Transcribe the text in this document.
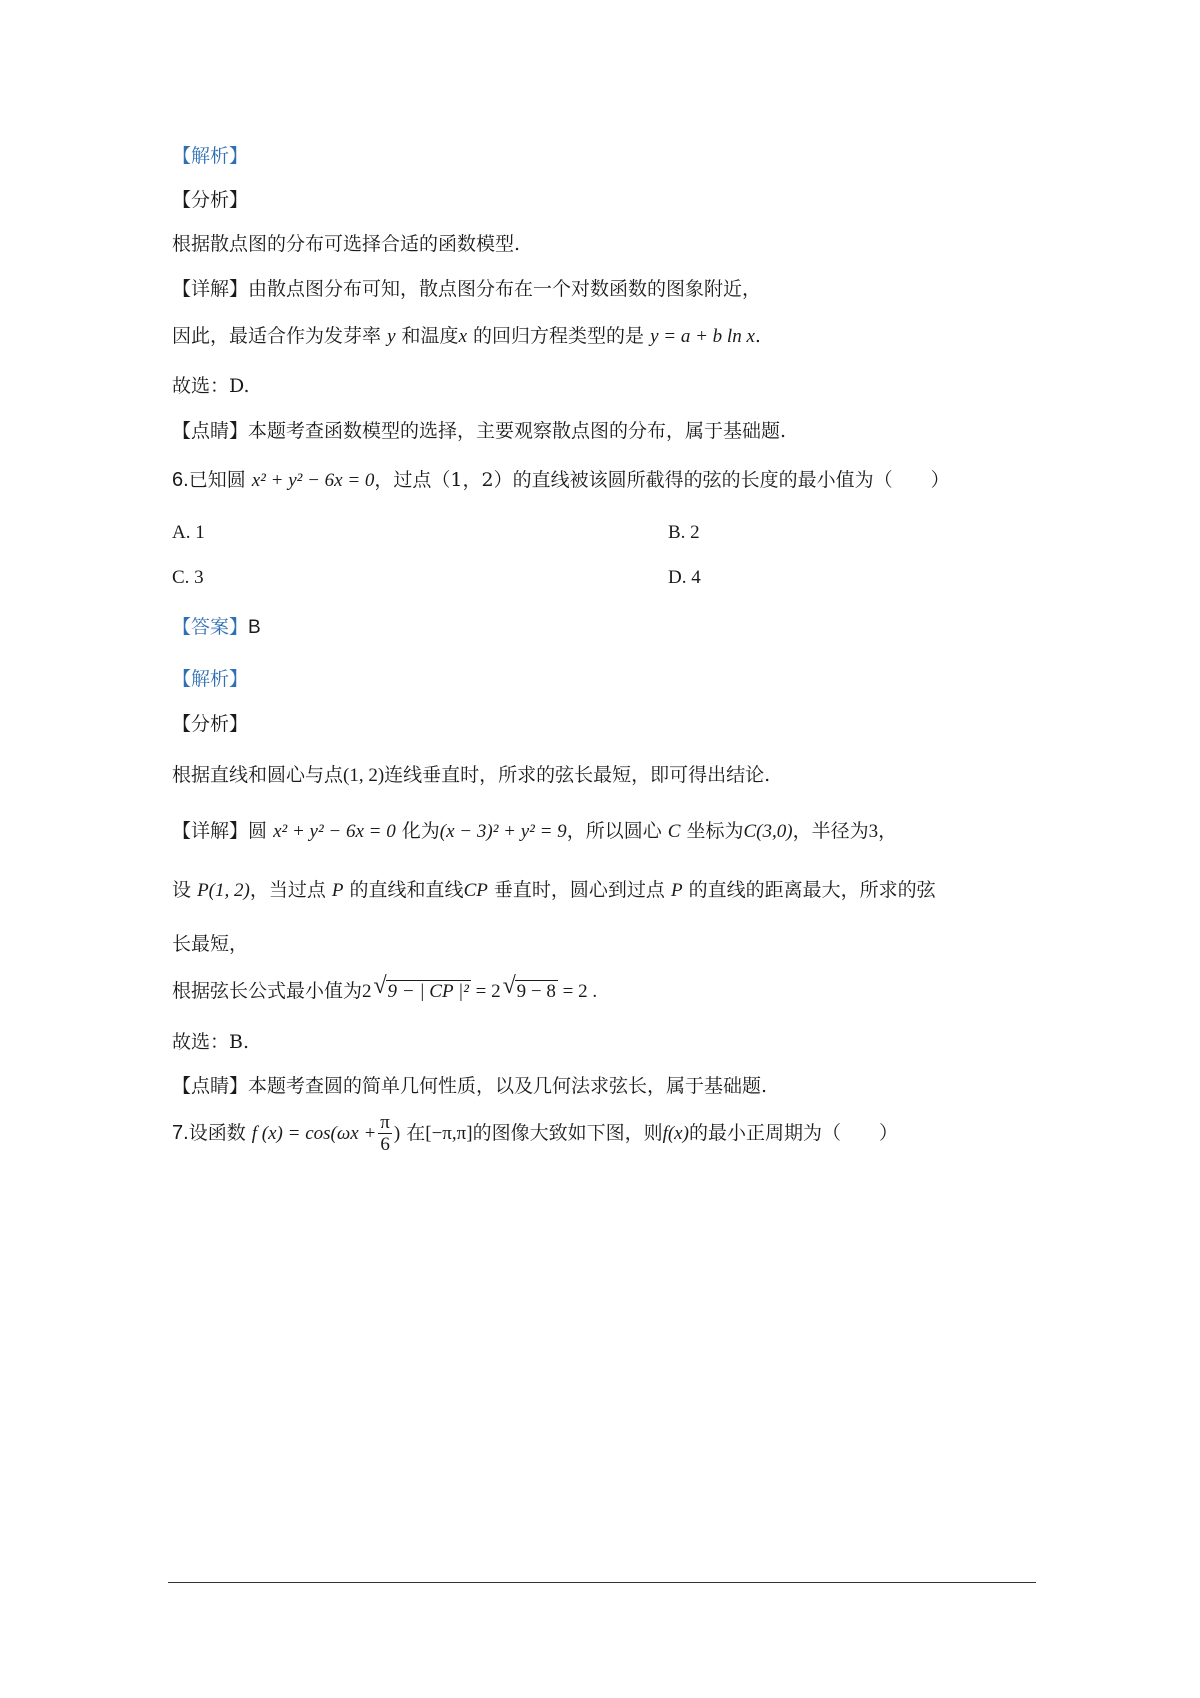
【解析】
【分析】
根据散点图的分布可选择合适的函数模型.
【详解】由散点图分布可知，散点图分布在一个对数函数的图象附近，
因此，最适合作为发芽率 y 和温度x 的回归方程类型的是 y = a + b ln x.
故选：D.
【点睛】本题考查函数模型的选择，主要观察散点图的分布，属于基础题.
6.已知圆 x² + y² − 6x = 0，过点（1，2）的直线被该圆所截得的弦的长度的最小值为（　　）
A. 1	B. 2
C. 3	D. 4
【答案】B
【解析】
【分析】
根据直线和圆心与点(1, 2)连线垂直时，所求的弦长最短，即可得出结论.
【详解】圆 x² + y² − 6x = 0 化为(x − 3)² + y² = 9，所以圆心 C 坐标为C(3,0)，半径为3，
设 P(1, 2)，当过点 P 的直线和直线CP 垂直时，圆心到过点 P 的直线的距离最大，所求的弦
长最短，
根据弦长公式最小值为2 √ 9 − | CP |² = 2 √ 9 − 8 = 2 .
故选：B.
【点睛】本题考查圆的简单几何性质，以及几何法求弦长，属于基础题.
7.设函数 f $(x) = \cos(\omega x + \frac{\pi}{6}$ ) 在[−π,π]的图像大致如下图，则f(x)的最小正周期为（　　）
